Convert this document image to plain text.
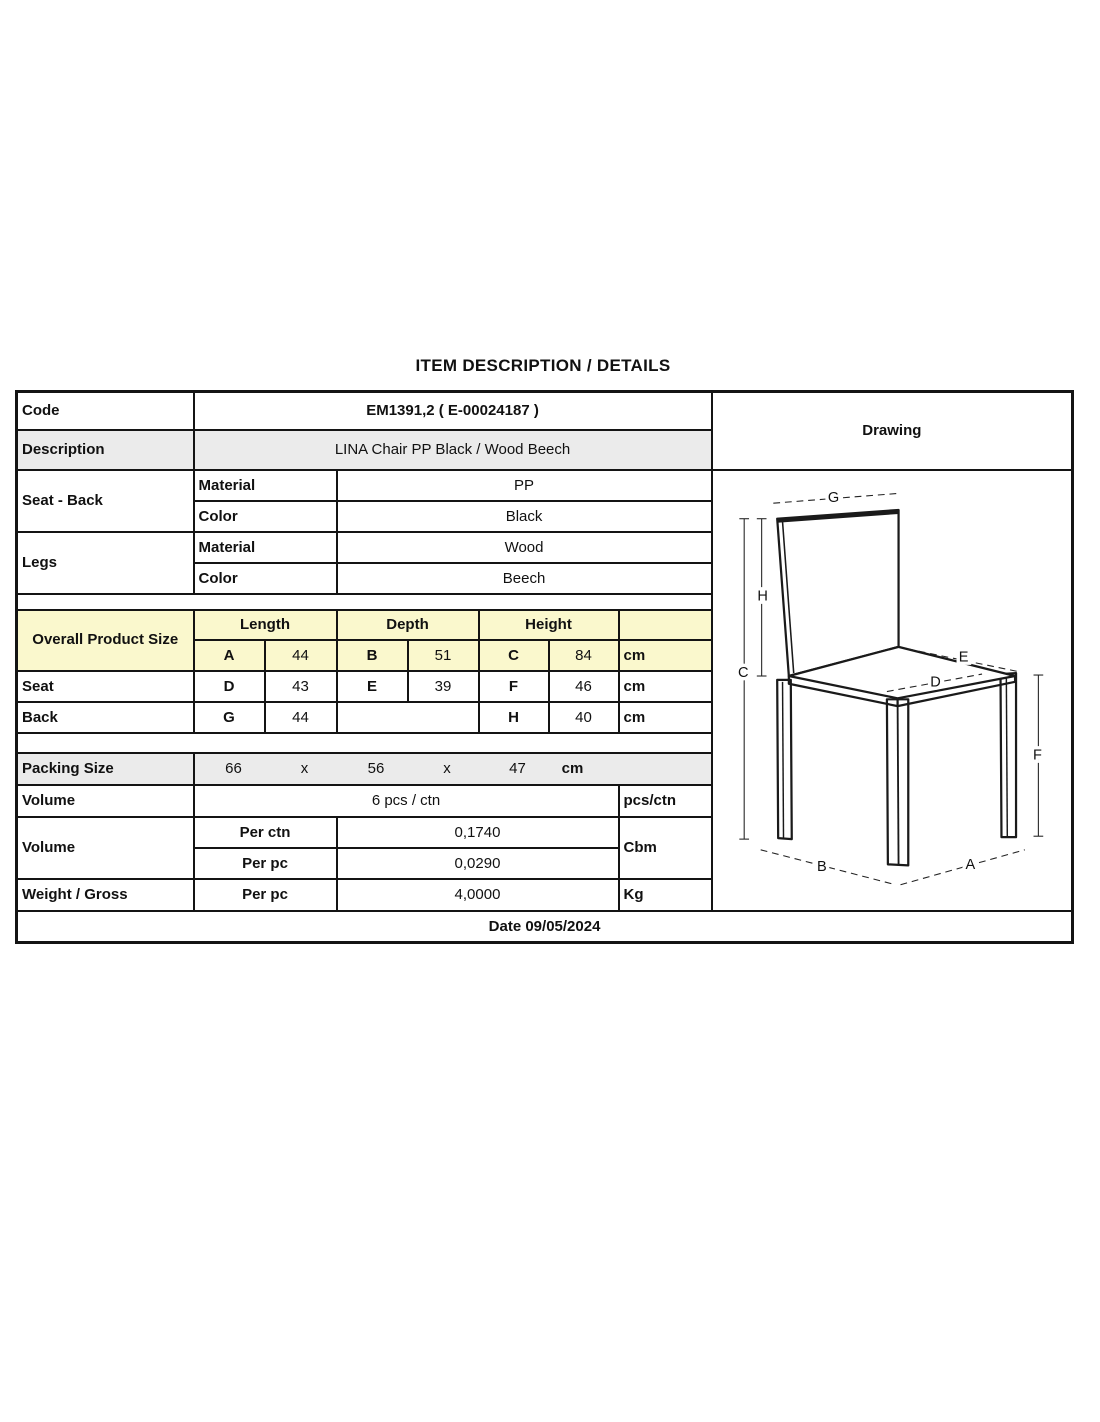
ITEM DESCRIPTION / DETAILS
Code	EM1391,2 ( E-00024187 )							Drawing
Description	LINA Chair PP Black / Wood Beech							
Seat - Back	Material	PP	
G
H
C
E
D
F
B	A

	Color		Black					
Legs	Material		Wood					
	Color		Beech					

Overall Product Size	Length		Depth		Height			
	A	44	B	51	C	84	cm	
Seat	D	43	E	39	F	46	cm	
Back	G	44			H	40	cm	

Packing Size	66	x	56	x	47	cm

Volume	6 pcs / ctn						pcs/ctn	
Volume	Per ctn		0,1740				Cbm	
	Per pc		0,0290					
Weight / Gross	Per pc		4,0000				Kg	
Date 09/05/2024								
